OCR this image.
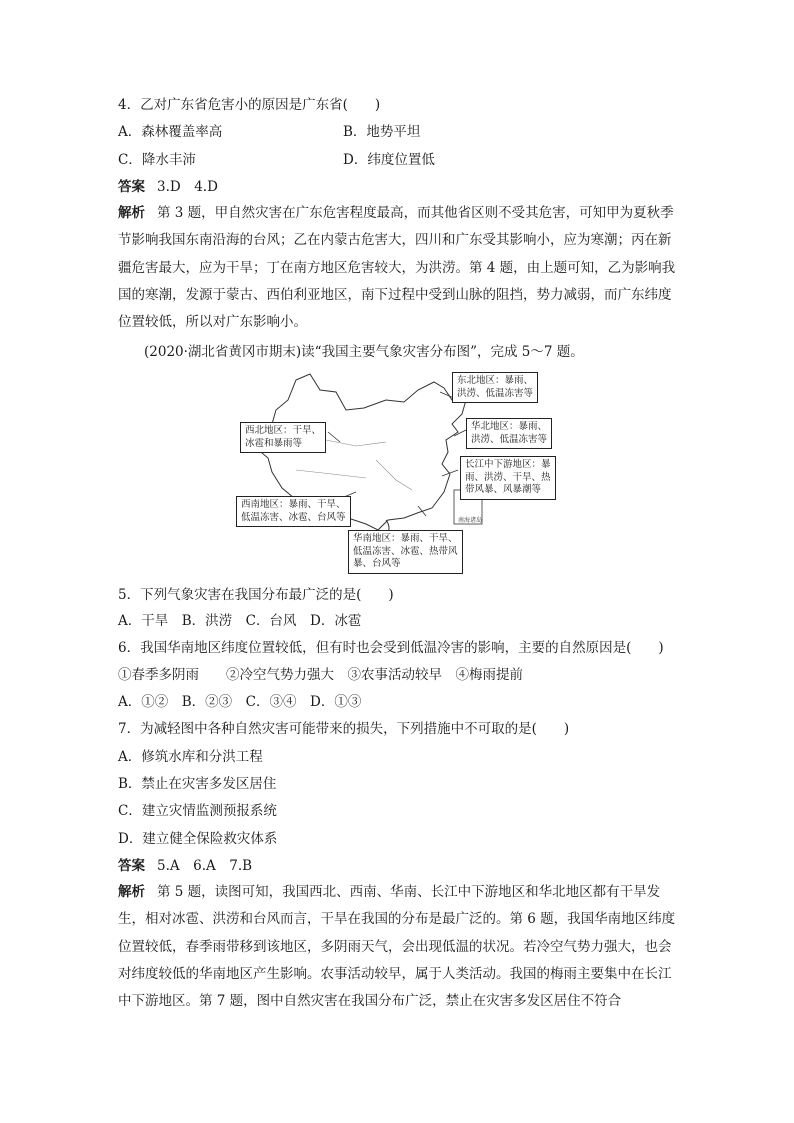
4．乙对广东省危害小的原因是广东省(　　)
A．森林覆盖率高	B．地势平坦
C．降水丰沛	D．纬度位置低
答案 3.D　4.D
解析 第 3 题，甲自然灾害在广东危害程度最高，而其他省区则不受其危害，可知甲为夏秋季节影响我国东南沿海的台风；乙在内蒙古危害大，四川和广东受其影响小，应为寒潮；丙在新疆危害最大，应为干旱；丁在南方地区危害较大，为洪涝。第 4 题，由上题可知，乙为影响我国的寒潮，发源于蒙古、西伯利亚地区，南下过程中受到山脉的阻挡，势力减弱，而广东纬度位置较低，所以对广东影响小。
(2020·湖北省黄冈市期末)读“我国主要气象灾害分布图”，完成 5～7 题。
东北地区：暴雨、
洪涝、低温冻害等
西北地区：干旱、
冰雹和暴雨等
华北地区：暴雨、
洪涝、低温冻害等
长江中下游地区：暴
雨、洪涝、干旱、热
带风暴、风暴潮等
西南地区：暴雨、干旱、
低温冻害、冰雹、台风等
华南地区：暴雨、干旱、
低温冻害、冰雹、热带风
暴、台风等
南海诸岛
5．下列气象灾害在我国分布最广泛的是(　　)
A．干旱　B．洪涝　C．台风　D．冰雹
6．我国华南地区纬度位置较低，但有时也会受到低温冷害的影响，主要的自然原因是(　　)
①春季多阴雨　　②冷空气势力强大　③农事活动较早　④梅雨提前
A．①②　B．②③　C．③④　D．①③
7．为减轻图中各种自然灾害可能带来的损失，下列措施中不可取的是(　　)
A．修筑水库和分洪工程
B．禁止在灾害多发区居住
C．建立灾情监测预报系统
D．建立健全保险救灾体系
答案 5.A　6.A　7.B
解析 第 5 题，读图可知，我国西北、西南、华南、长江中下游地区和华北地区都有干旱发生，相对冰雹、洪涝和台风而言，干旱在我国的分布是最广泛的。第 6 题，我国华南地区纬度位置较低，春季雨带移到该地区，多阴雨天气，会出现低温的状况。若冷空气势力强大，也会对纬度较低的华南地区产生影响。农事活动较早，属于人类活动。我国的梅雨主要集中在长江中下游地区。第 7 题，图中自然灾害在我国分布广泛，禁止在灾害多发区居住不符合
